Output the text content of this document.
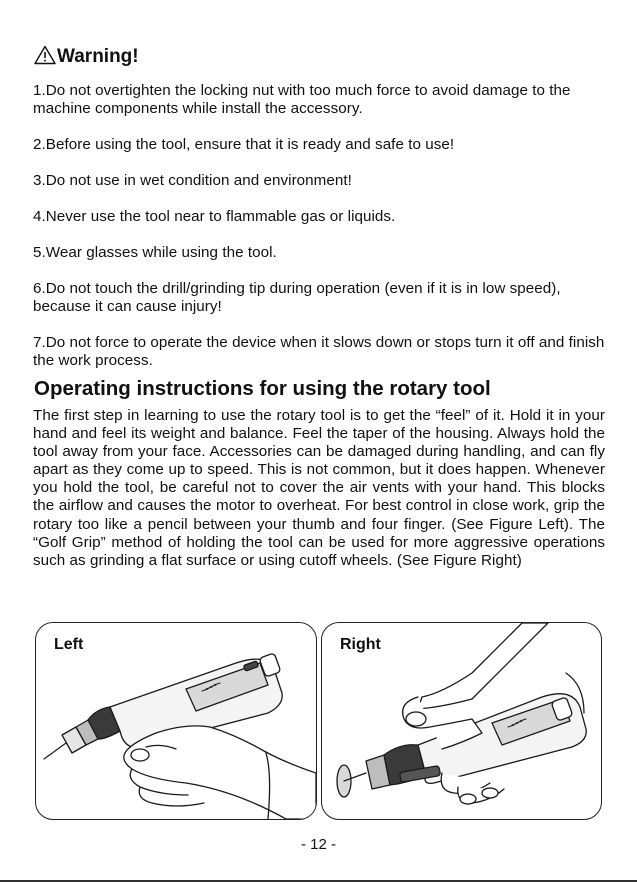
Warning!

1.Do not overtighten the locking nut with too much force to avoid damage to the machine components while install the accessory.

2.Before using the tool, ensure that it is ready and safe to use!

3.Do not use in wet condition and environment!

4.Never use the tool near to flammable gas or liquids.

5.Wear glasses while using the tool.

6.Do not touch the drill/grinding tip during operation (even if it is in low speed), because it can cause injury!

7.Do not force to operate the device when it slows down or stops turn it off and finish the work process.

Operating instructions for using the rotary tool

The first step in learning to use the rotary tool is to get the “feel” of it. Hold it in your hand and feel its weight and balance. Feel the taper of the housing. Always hold the tool away from your face. Accessories can be damaged during handling, and can fly apart as they come up to speed. This is not common, but it does happen. Whenever you hold the tool, be careful not to cover the air vents with your hand. This blocks the airflow and causes the motor to overheat. For best control in close work, grip the rotary too like a pencil between your thumb and four finger. (See Figure Left). The “Golf Grip” method of holding the tool can be used for more aggressive operations such as grinding a flat surface or using cutoff wheels. (See Figure Right)

Left	Right
- 12 -
